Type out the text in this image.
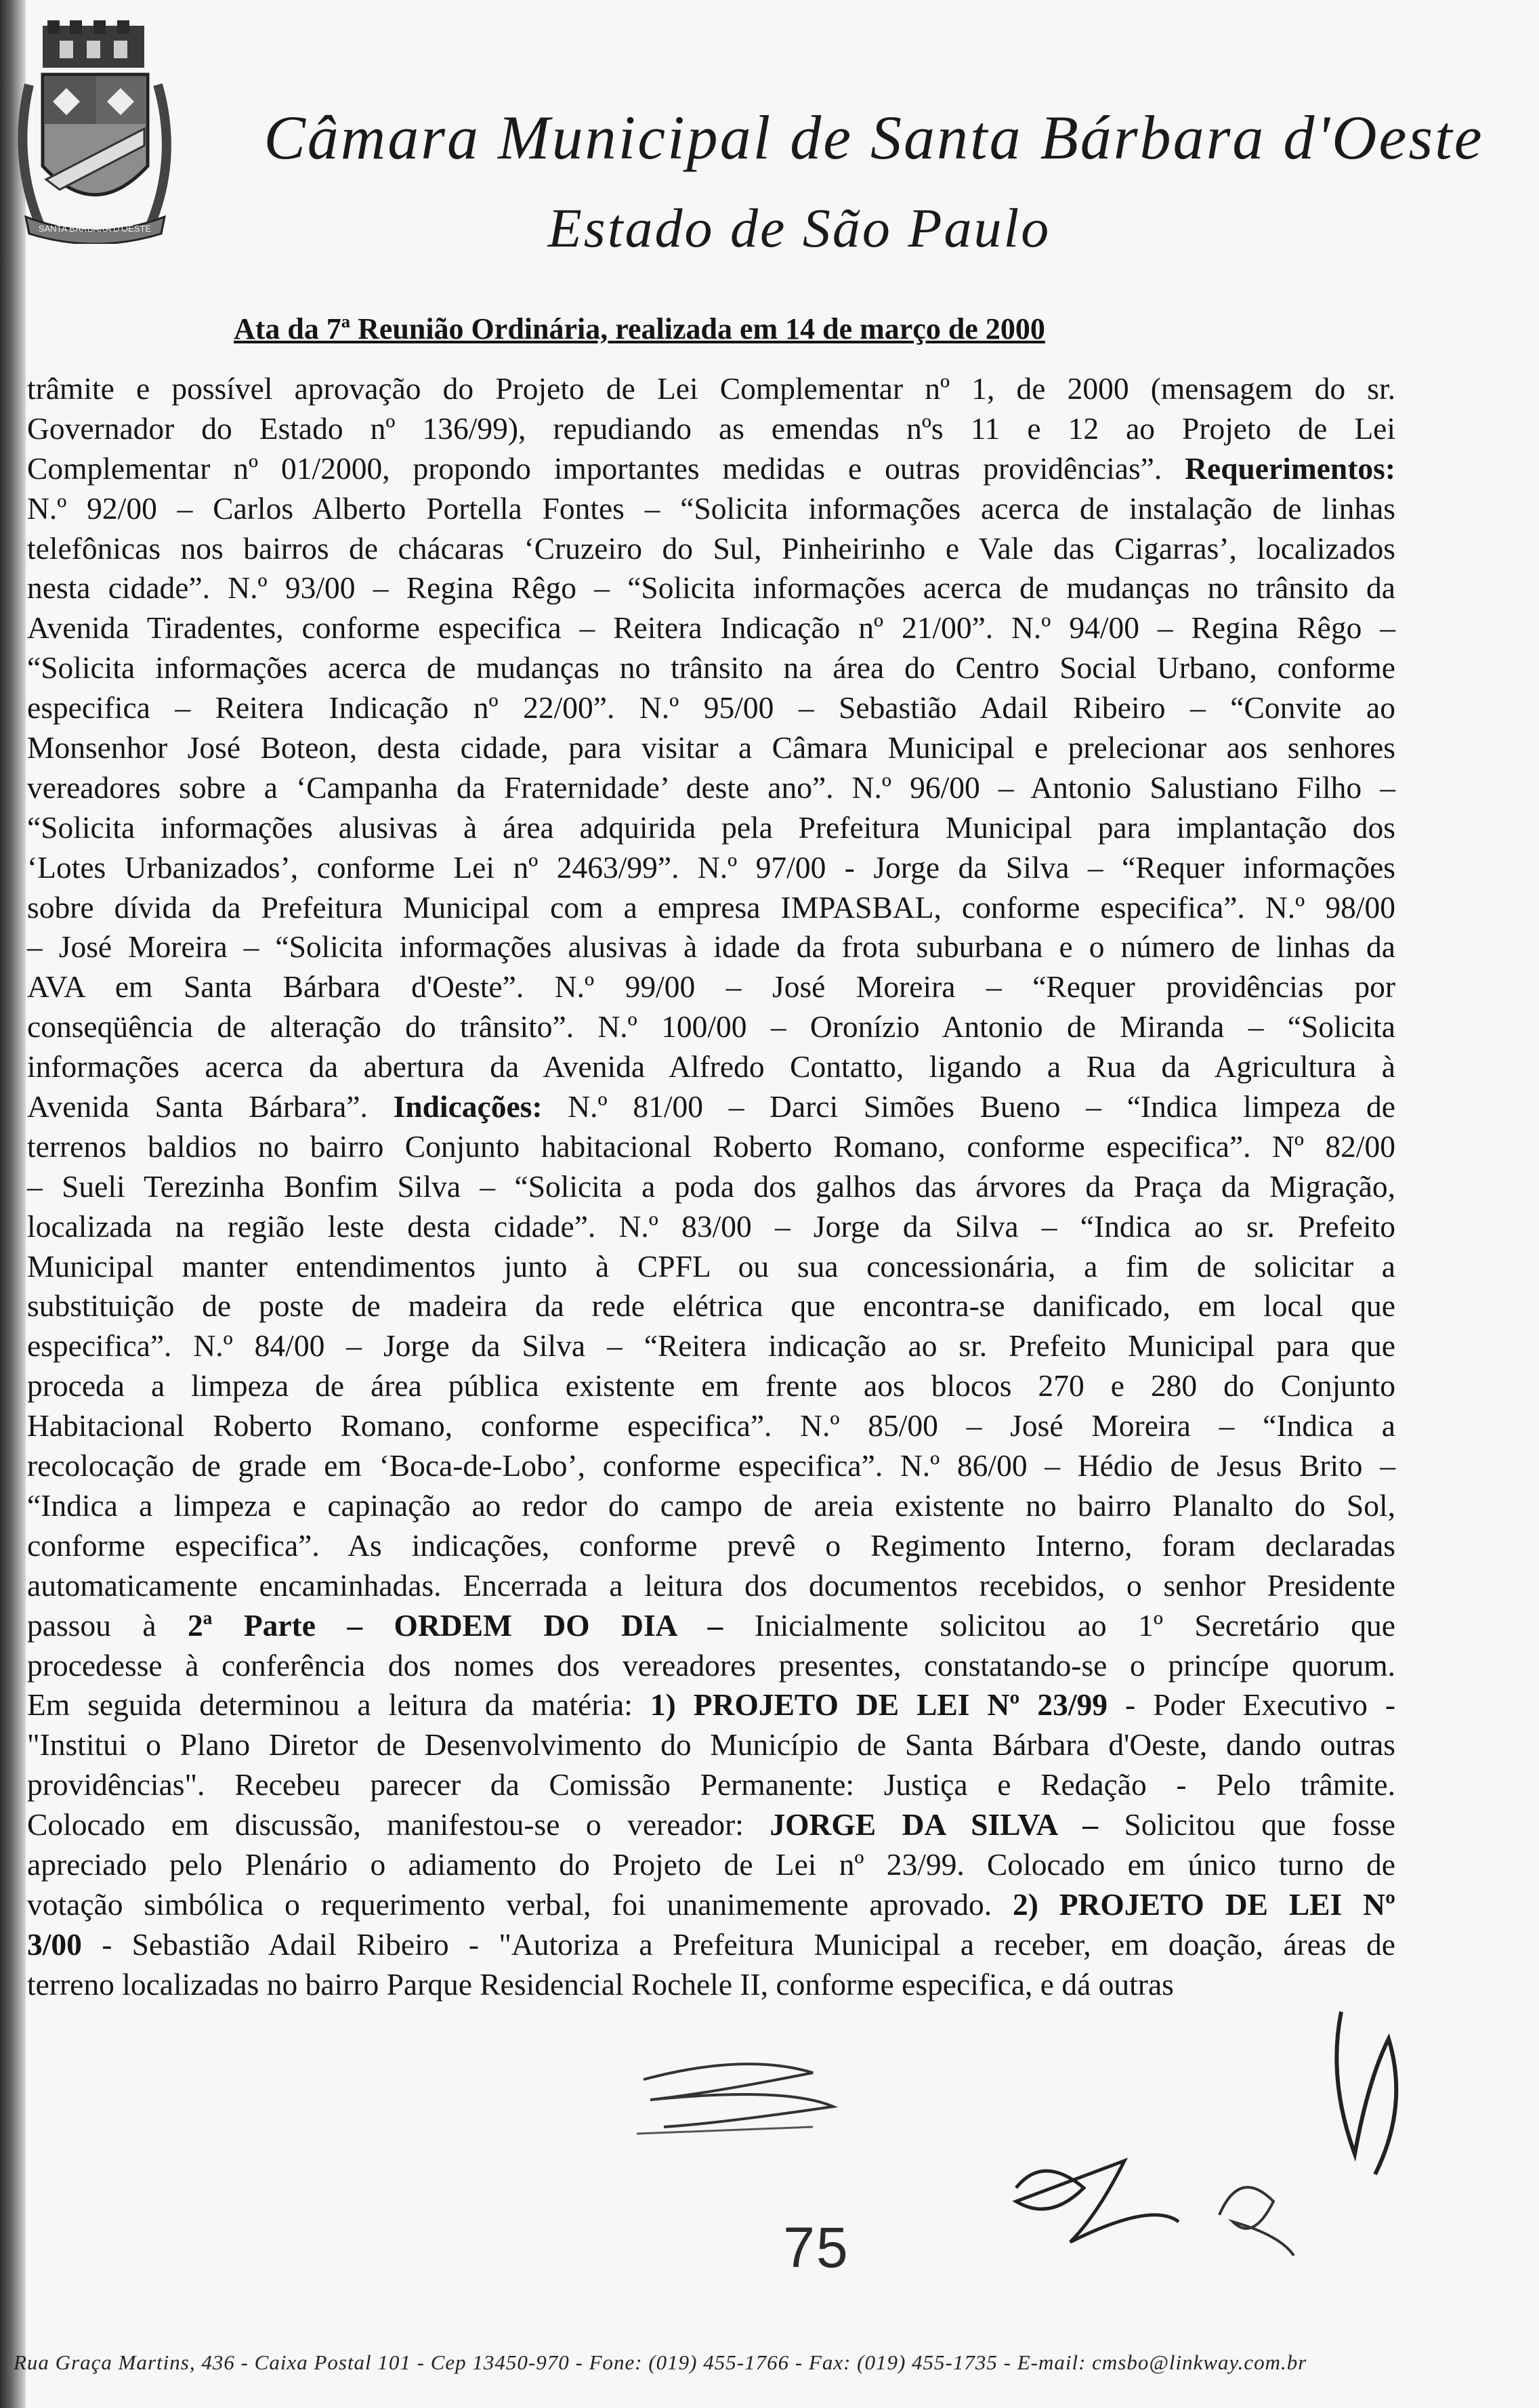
SANTA BÁRBARA D'OESTE
Câmara Municipal de Santa Bárbara d'Oeste
Estado de São Paulo
Ata da 7ª Reunião Ordinária, realizada em 14 de março de 2000
trâmite e possível aprovação do Projeto de Lei Complementar nº 1, de 2000 (mensagem do sr.
Governador do Estado nº 136/99), repudiando as emendas nºs 11 e 12 ao Projeto de Lei
Complementar nº 01/2000, propondo importantes medidas e outras providências”. Requerimentos:
N.º 92/00 – Carlos Alberto Portella Fontes – “Solicita informações acerca de instalação de linhas
telefônicas nos bairros de chácaras ‘Cruzeiro do Sul, Pinheirinho e Vale das Cigarras’, localizados
nesta cidade”. N.º 93/00 – Regina Rêgo – “Solicita informações acerca de mudanças no trânsito da
Avenida Tiradentes, conforme especifica – Reitera Indicação nº 21/00”. N.º 94/00 – Regina Rêgo –
“Solicita informações acerca de mudanças no trânsito na área do Centro Social Urbano, conforme
especifica – Reitera Indicação nº 22/00”. N.º 95/00 – Sebastião Adail Ribeiro – “Convite ao
Monsenhor José Boteon, desta cidade, para visitar a Câmara Municipal e prelecionar aos senhores
vereadores sobre a ‘Campanha da Fraternidade’ deste ano”. N.º 96/00 – Antonio Salustiano Filho –
“Solicita informações alusivas à área adquirida pela Prefeitura Municipal para implantação dos
‘Lotes Urbanizados’, conforme Lei nº 2463/99”. N.º 97/00 - Jorge da Silva – “Requer informações
sobre dívida da Prefeitura Municipal com a empresa IMPASBAL, conforme especifica”. N.º 98/00
– José Moreira – “Solicita informações alusivas à idade da frota suburbana e o número de linhas da
AVA em Santa Bárbara d'Oeste”. N.º 99/00 – José Moreira – “Requer providências por
conseqüência de alteração do trânsito”. N.º 100/00 – Oronízio Antonio de Miranda – “Solicita
informações acerca da abertura da Avenida Alfredo Contatto, ligando a Rua da Agricultura à
Avenida Santa Bárbara”. Indicações: N.º 81/00 – Darci Simões Bueno – “Indica limpeza de
terrenos baldios no bairro Conjunto habitacional Roberto Romano, conforme especifica”. Nº 82/00
– Sueli Terezinha Bonfim Silva – “Solicita a poda dos galhos das árvores da Praça da Migração,
localizada na região leste desta cidade”. N.º 83/00 – Jorge da Silva – “Indica ao sr. Prefeito
Municipal manter entendimentos junto à CPFL ou sua concessionária, a fim de solicitar a
substituição de poste de madeira da rede elétrica que encontra-se danificado, em local que
especifica”. N.º 84/00 – Jorge da Silva – “Reitera indicação ao sr. Prefeito Municipal para que
proceda a limpeza de área pública existente em frente aos blocos 270 e 280 do Conjunto
Habitacional Roberto Romano, conforme especifica”. N.º 85/00 – José Moreira – “Indica a
recolocação de grade em ‘Boca-de-Lobo’, conforme especifica”. N.º 86/00 – Hédio de Jesus Brito –
“Indica a limpeza e capinação ao redor do campo de areia existente no bairro Planalto do Sol,
conforme especifica”. As indicações, conforme prevê o Regimento Interno, foram declaradas
automaticamente encaminhadas. Encerrada a leitura dos documentos recebidos, o senhor Presidente
passou à 2ª Parte – ORDEM DO DIA – Inicialmente solicitou ao 1º Secretário que
procedesse à conferência dos nomes dos vereadores presentes, constatando-se o princípe quorum.
Em seguida determinou a leitura da matéria: 1) PROJETO DE LEI Nº 23/99 - Poder Executivo -
"Institui o Plano Diretor de Desenvolvimento do Município de Santa Bárbara d'Oeste, dando outras
providências". Recebeu parecer da Comissão Permanente: Justiça e Redação - Pelo trâmite.
Colocado em discussão, manifestou-se o vereador: JORGE DA SILVA – Solicitou que fosse
apreciado pelo Plenário o adiamento do Projeto de Lei nº 23/99. Colocado em único turno de
votação simbólica o requerimento verbal, foi unanimemente aprovado. 2) PROJETO DE LEI Nº
3/00 - Sebastião Adail Ribeiro - "Autoriza a Prefeitura Municipal a receber, em doação, áreas de
terreno localizadas no bairro Parque Residencial Rochele II, conforme especifica, e dá outras
75
Rua Graça Martins, 436 - Caixa Postal 101 - Cep 13450-970 - Fone: (019) 455-1766 - Fax: (019) 455-1735 - E-mail: cmsbo@linkway.com.br
